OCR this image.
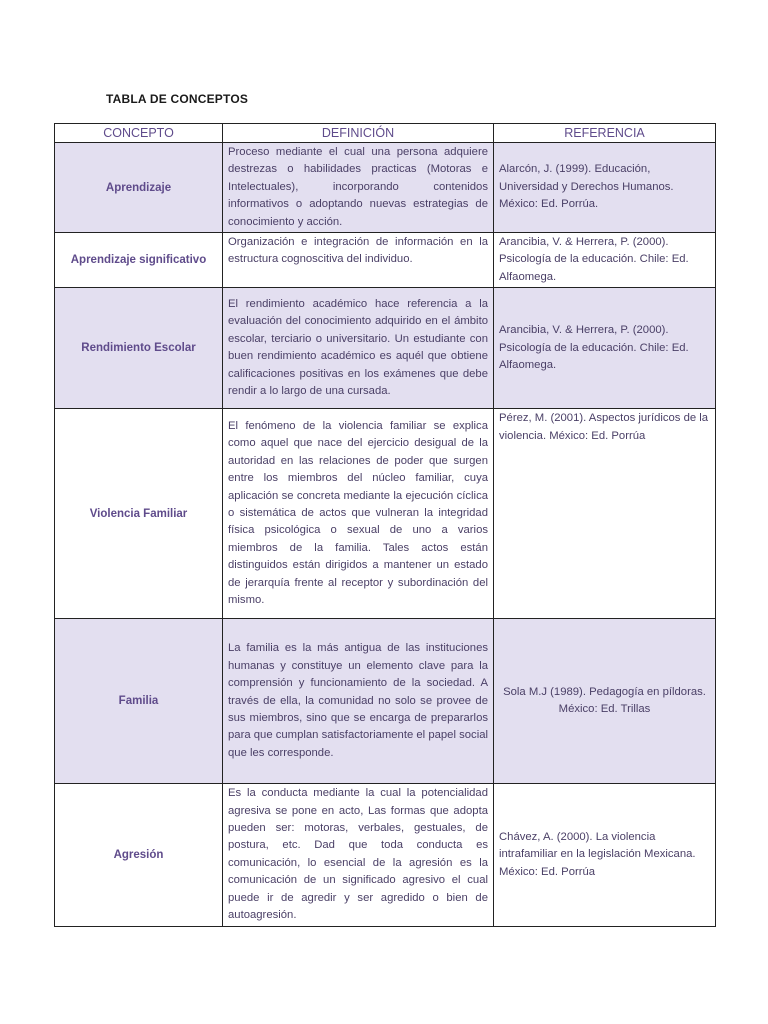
TABLA DE CONCEPTOS
CONCEPTO	DEFINICIÓN	REFERENCIA
Aprendizaje	Proceso mediante el cual una persona adquiere destrezas o habilidades practicas (Motoras e Intelectuales), incorporando contenidos informativos o adoptando nuevas estrategias de conocimiento y acción.	Alarcón, J. (1999). Educación, Universidad y Derechos Humanos. México: Ed. Porrúa.
Aprendizaje significativo	Organización e integración de información en la estructura cognoscitiva del individuo.	Arancibia, V. & Herrera, P. (2000). Psicología de la educación. Chile: Ed. Alfaomega.
Rendimiento Escolar	El rendimiento académico hace referencia a la evaluación del conocimiento adquirido en el ámbito escolar, terciario o universitario. Un estudiante con buen rendimiento académico es aquél que obtiene calificaciones positivas en los exámenes que debe rendir a lo largo de una cursada.	Arancibia, V. & Herrera, P. (2000). Psicología de la educación. Chile: Ed. Alfaomega.
Violencia Familiar	El fenómeno de la violencia familiar se explica como aquel que nace del ejercicio desigual de la autoridad en las relaciones de poder que surgen entre los miembros del núcleo familiar, cuya aplicación se concreta mediante la ejecución cíclica o sistemática de actos que vulneran la integridad física psicológica o sexual de uno a varios miembros de la familia. Tales actos están distinguidos están dirigidos a mantener un estado de jerarquía frente al receptor y subordinación del mismo.	Pérez, M. (2001). Aspectos jurídicos de la violencia. México: Ed. Porrúa
Familia	La familia es la más antigua de las instituciones humanas y constituye un elemento clave para la comprensión y funcionamiento de la sociedad. A través de ella, la comunidad no solo se provee de sus miembros, sino que se encarga de prepararlos para que cumplan satisfactoriamente el papel social que les corresponde.	Sola M.J (1989). Pedagogía en píldoras. México: Ed. Trillas
Agresión	Es la conducta mediante la cual la potencialidad agresiva se pone en acto, Las formas que adopta pueden ser: motoras, verbales, gestuales, de postura, etc. Dad que toda conducta es comunicación, lo esencial de la agresión es la comunicación de un significado agresivo el cual puede ir de agredir y ser agredido o bien de autoagresión.	Chávez, A. (2000). La violencia intrafamiliar en la legislación Mexicana. México: Ed. Porrúa
